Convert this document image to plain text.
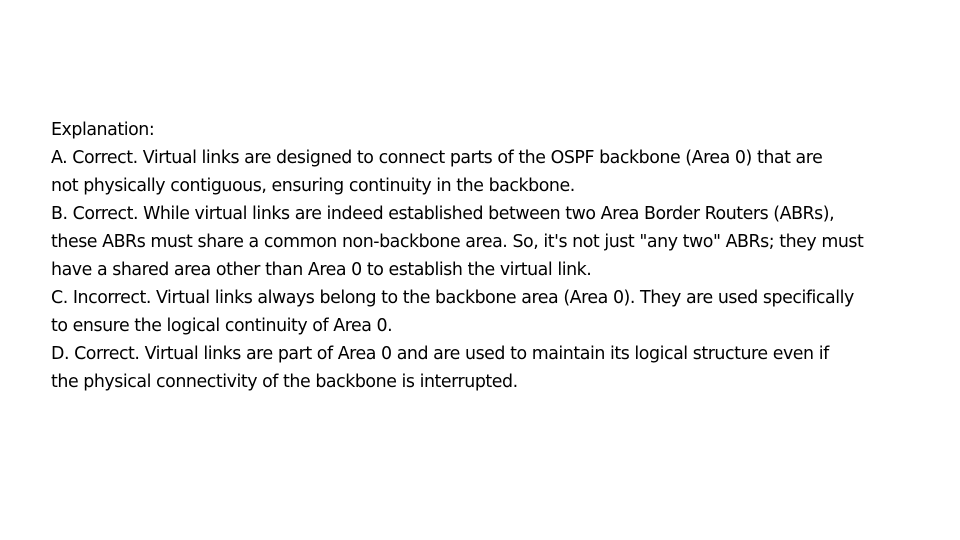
Explanation:
A. Correct. Virtual links are designed to connect parts of the OSPF backbone (Area 0) that are
not physically contiguous, ensuring continuity in the backbone.
B. Correct. While virtual links are indeed established between two Area Border Routers (ABRs),
these ABRs must share a common non-backbone area. So, it's not just "any two" ABRs; they must
have a shared area other than Area 0 to establish the virtual link.
C. Incorrect. Virtual links always belong to the backbone area (Area 0). They are used specifically
to ensure the logical continuity of Area 0.
D. Correct. Virtual links are part of Area 0 and are used to maintain its logical structure even if
the physical connectivity of the backbone is interrupted.
